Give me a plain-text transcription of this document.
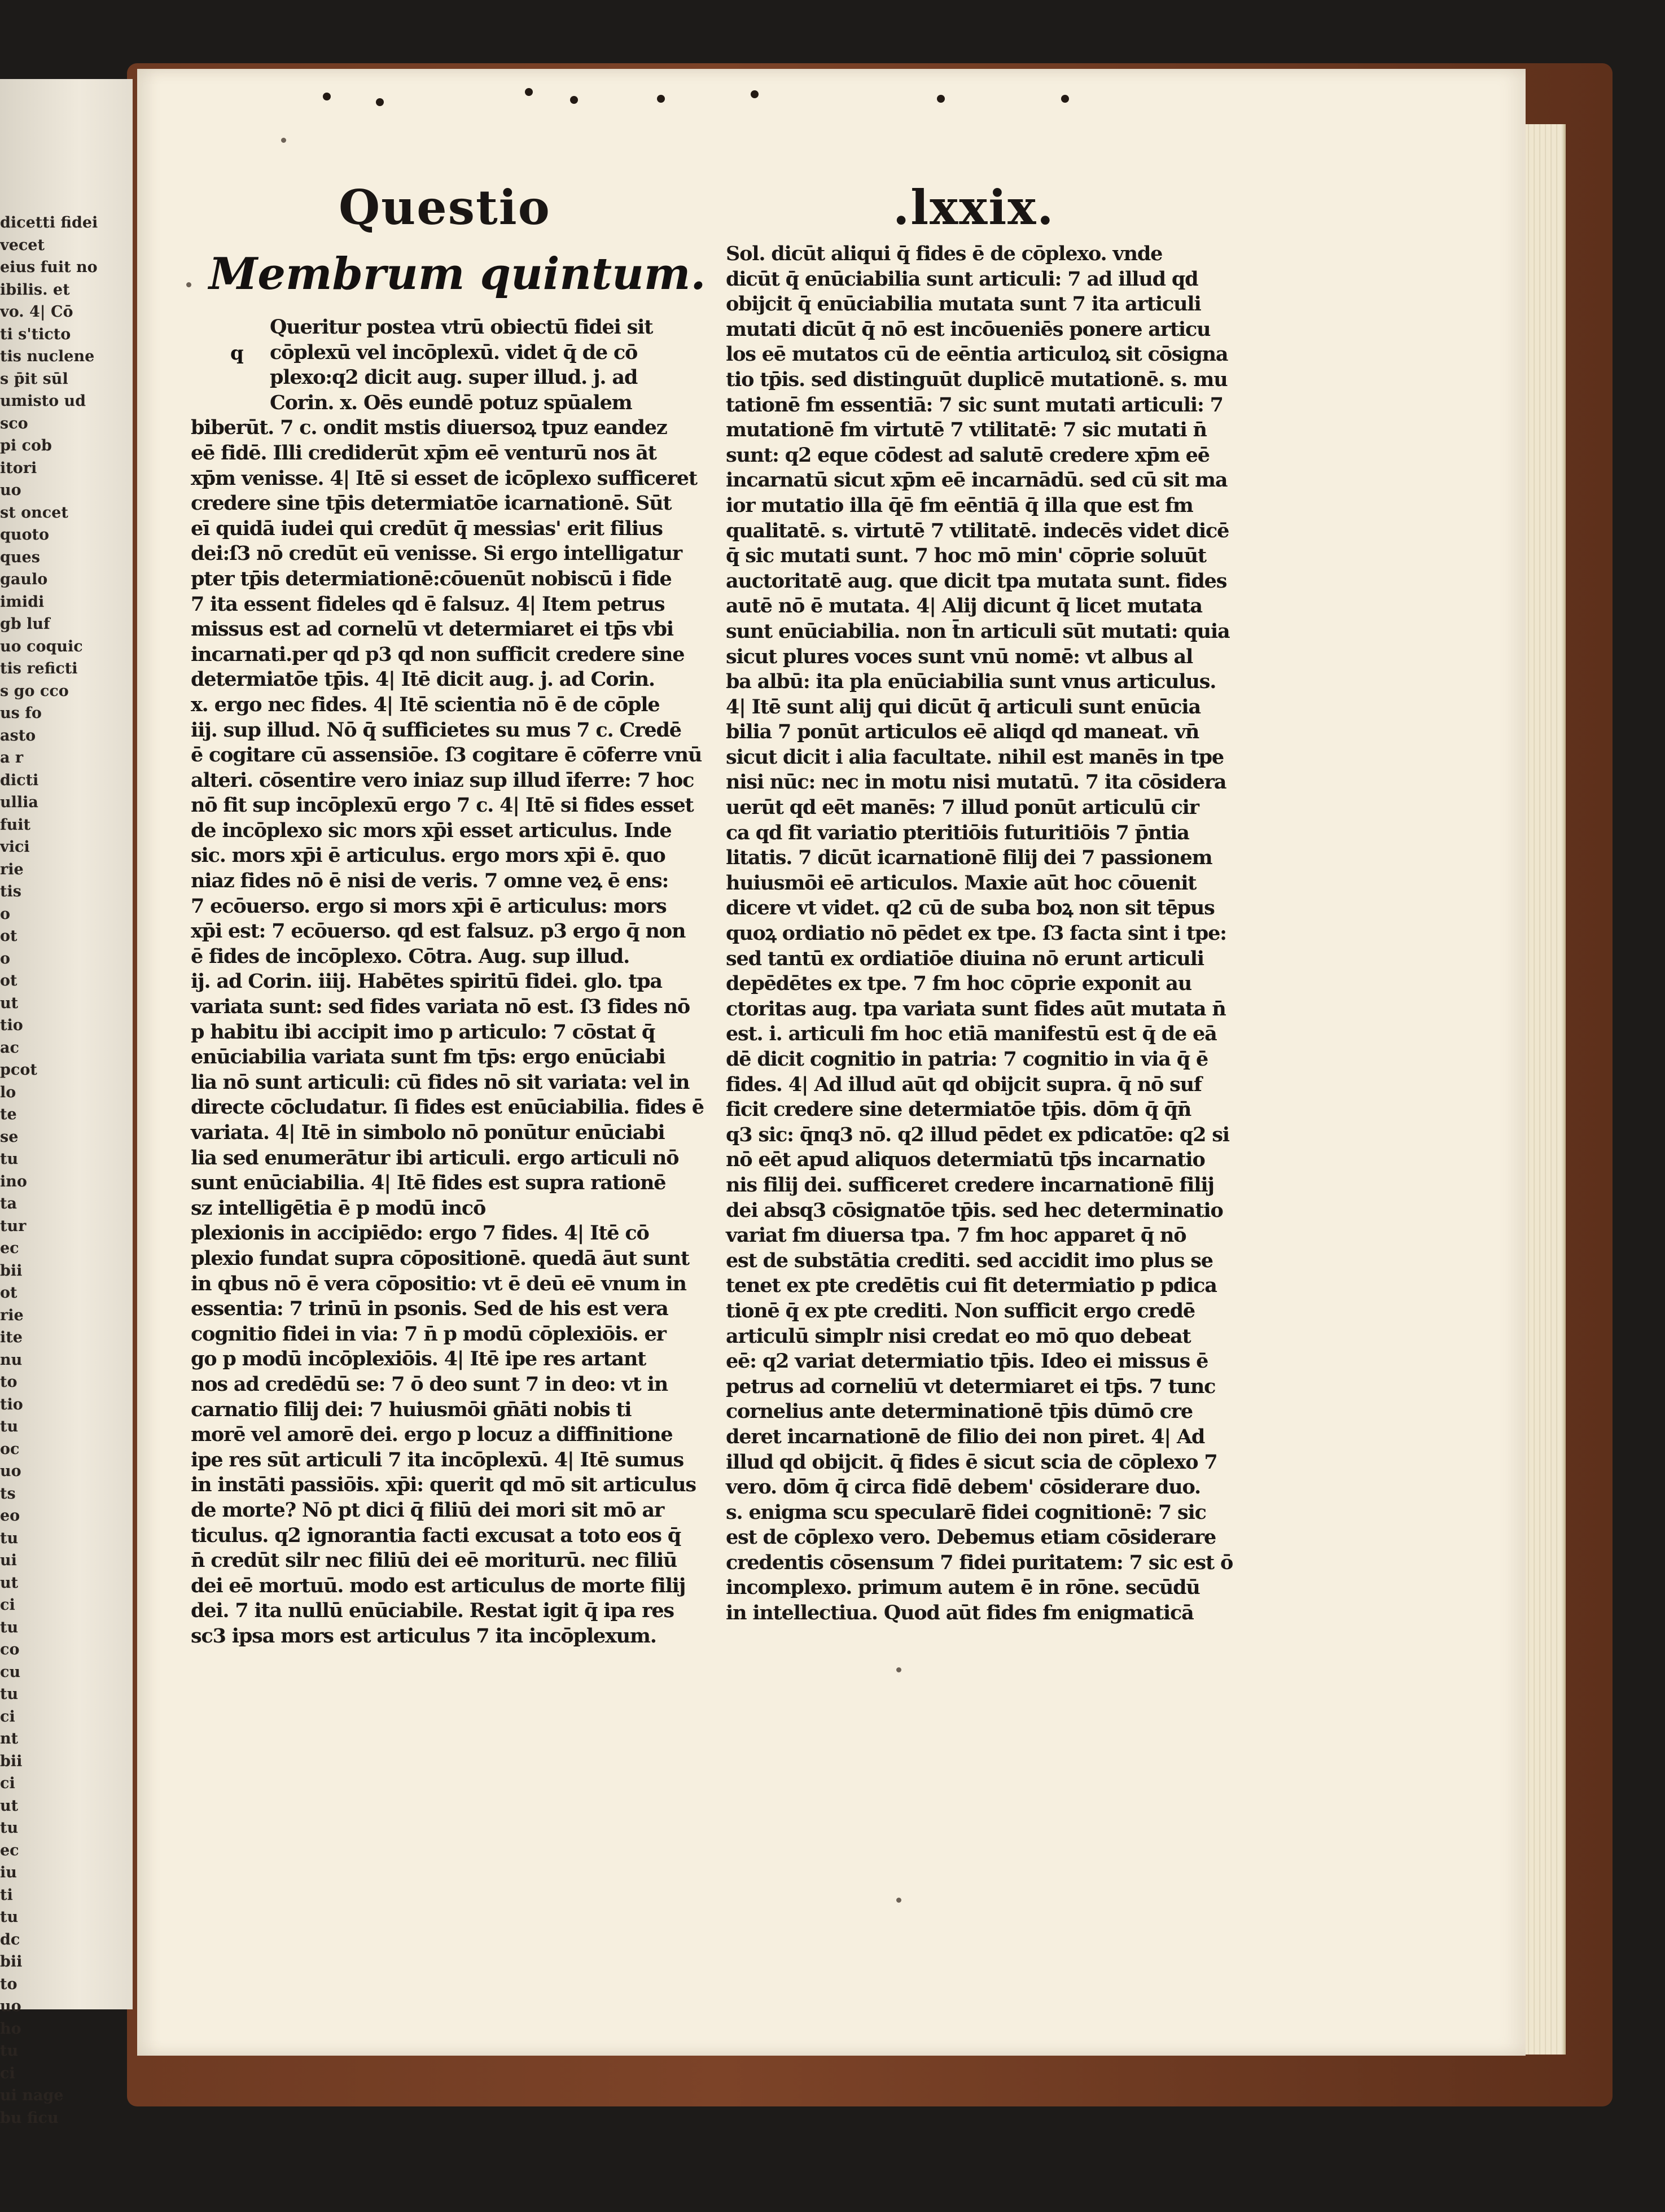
dicetti fidei
vecet
eius fuit no
ibilis. et
vo. 4| Cō
ti s'ticto
tis nuclene
s p̄it sūl
umisto ud
sco
pi cob
itori
uo
st oncet
quoto
ques
gaulo
imidi
gb luf
uo coquic
tis reficti
s go cco
us fo
asto
a r
dicti
ullia
fuit
vici
rie
tis
o
ot
o
ot
ut
tio
ac
pcot
lo
te
se
tu
ino
ta
tur
ec
bii
ot
rie
ite
nu
to
tio
tu
oc
uo
ts
eo
tu
ui
ut
ci
tu
co
cu
tu
ci
nt
bii
ci
ut
tu
ec
iu
ti
tu
dc
bii
to
uo
ho
tu
ci
ui nage
bu ficu
Questio	.lxxix.
Membrum quintum.
q
Queritur postea vtrū obiectū fidei sit
cōplexū vel incōplexū. videt q̄ de cō
plexo:q2 dicit aug. super illud. j. ad
Corin. x. Oēs eundē potuz spūalem
biberūt. 7 c. ondit mstis diuersoꝝ tpuz eandez
eē fidē. Illi crediderūt xp̄m eē venturū nos āt
xp̄m venisse. 4| Itē si esset de icōplexo sufficeret
credere sine tp̄is determiatōe icarnationē. Sūt
eī quidā iudei qui credūt q̄ messias' erit filius
dei:ſ3 nō credūt eū venisse. Si ergo intelligatur
pter tp̄is determiationē:cōuenūt nobiscū i fide
7 ita essent fideles qd ē falsuz. 4| Item petrus
missus est ad cornelū vt determiaret ei tp̄s vbi
incarnati.per qd p3 qd non sufficit credere sine
determiatōe tp̄is. 4| Itē dicit aug. j. ad Corin.
x. ergo nec fides. 4| Itē scientia nō ē de cōple
iij. sup illud. Nō q̄ sufficietes su mus 7 c. Credē
ē cogitare cū assensiōe. ſ3 cogitare ē cōferre vnū
alteri. cōsentire vero iniaz sup illud īferre: 7 hoc
nō fit sup incōplexū ergo 7 c. 4| Itē si fides esset
de incōplexo sic mors xp̄i esset articulus. Inde
sic. mors xp̄i ē articulus. ergo mors xp̄i ē. quo
niaz fides nō ē nisi de veris. 7 omne veꝝ ē ens:
7 ecōuerso. ergo si mors xp̄i ē articulus: mors
xp̄i est: 7 ecōuerso. qd est falsuz. p3 ergo q̄ non
ē fides de incōplexo. Cōtra. Aug. sup illud.
ij. ad Corin. iiij. Habētes spiritū fidei. glo. tpa
variata sunt: sed fides variata nō est. ſ3 fides nō
p habitu ibi accipit imo p articulo: 7 cōstat q̄
enūciabilia variata sunt fm tp̄s: ergo enūciabi
lia nō sunt articuli: cū fides nō sit variata: vel in
directe cōcludatur. ſi fides est enūciabilia. fides ē
variata. 4| Itē in simbolo nō ponūtur enūciabi
lia sed enumerātur ibi articuli. ergo articuli nō
sunt enūciabilia. 4| Itē fides est supra rationē
sz intelligētia ē p modū incō
plexionis in accipiēdo: ergo 7 fides. 4| Itē cō
plexio fundat supra cōpositionē. quedā āut sunt
in qbus nō ē vera cōpositio: vt ē deū eē vnum in
essentia: 7 trinū in psonis. Sed de his est vera
cognitio fidei in via: 7 n̄ p modū cōplexiōis. er
go p modū incōplexiōis. 4| Itē ipe res artant
nos ad credēdū se: 7 ō deo sunt 7 in deo: vt in
carnatio filij dei: 7 huiusmōi gn̄āti nobis ti
morē vel amorē dei. ergo p locuz a diffinitione
ipe res sūt articuli 7 ita incōplexū. 4| Itē sumus
in instāti passiōis. xp̄i: querit qd mō sit articulus
de morte? Nō pt dici q̄ filiū dei mori sit mō ar
ticulus. q2 ignorantia facti excusat a toto eos q̄
n̄ credūt silr nec filiū dei eē moriturū. nec filiū
dei eē mortuū. modo est articulus de morte filij
dei. 7 ita nullū enūciabile. Restat igit q̄ ipa res
sc3 ipsa mors est articulus 7 ita incōplexum.
Sol. dicūt aliqui q̄ fides ē de cōplexo. vnde
dicūt q̄ enūciabilia sunt articuli: 7 ad illud qd
obijcit q̄ enūciabilia mutata sunt 7 ita articuli
mutati dicūt q̄ nō est incōueniēs ponere articu
los eē mutatos cū de eēntia articuloꝝ sit cōsigna
tio tp̄is. sed distinguūt duplicē mutationē. s. mu
tationē fm essentiā: 7 sic sunt mutati articuli: 7
mutationē fm virtutē 7 vtilitatē: 7 sic mutati n̄
sunt: q2 eque cōdest ad salutē credere xp̄m eē
incarnatū sicut xp̄m eē incarnādū. sed cū sit ma
ior mutatio illa q̄ē fm eēntiā q̄ illa que est fm
qualitatē. s. virtutē 7 vtilitatē. indecēs videt dicē
q̄ sic mutati sunt. 7 hoc mō min' cōprie soluūt
auctoritatē aug. que dicit tpa mutata sunt. fides
autē nō ē mutata. 4| Alij dicunt q̄ licet mutata
sunt enūciabilia. non t̄n articuli sūt mutati: quia
sicut plures voces sunt vnū nomē: vt albus al
ba albū: ita pla enūciabilia sunt vnus articulus.
4| Itē sunt alij qui dicūt q̄ articuli sunt enūcia
bilia 7 ponūt articulos eē aliqd qd maneat. vn̄
sicut dicit i alia facultate. nihil est manēs in tpe
nisi nūc: nec in motu nisi mutatū. 7 ita cōsidera
uerūt qd eēt manēs: 7 illud ponūt articulū cir
ca qd fit variatio pteritiōis futuritiōis 7 p̄ntia
litatis. 7 dicūt icarnationē filij dei 7 passionem
huiusmōi eē articulos. Maxie aūt hoc cōuenit
dicere vt videt. q2 cū de suba boꝝ non sit tēpus
quoꝝ ordiatio nō pēdet ex tpe. ſ3 facta sint i tpe:
sed tantū ex ordiatiōe diuina nō erunt articuli
depēdētes ex tpe. 7 fm hoc cōprie exponit au
ctoritas aug. tpa variata sunt fides aūt mutata n̄
est. i. articuli fm hoc etiā manifestū est q̄ de eā
dē dicit cognitio in patria: 7 cognitio in via q̄ ē
fides. 4| Ad illud aūt qd obijcit supra. q̄ nō suf
ficit credere sine determiatōe tp̄is. dōm q̄ q̄n̄
q3 sic: q̄nq3 nō. q2 illud pēdet ex pdicatōe: q2 si
nō eēt apud aliquos determiatū tp̄s incarnatio
nis filij dei. sufficeret credere incarnationē filij
dei absq3 cōsignatōe tp̄is. sed hec determinatio
variat fm diuersa tpa. 7 fm hoc apparet q̄ nō
est de substātia crediti. sed accidit imo plus se
tenet ex pte credētis cui fit determiatio p pdica
tionē q̄ ex pte crediti. Non sufficit ergo credē
articulū simplr nisi credat eo mō quo debeat
eē: q2 variat determiatio tp̄is. Ideo ei missus ē
petrus ad corneliū vt determiaret ei tp̄s. 7 tunc
cornelius ante determinationē tp̄is dūmō cre
deret incarnationē de filio dei non piret. 4| Ad
illud qd obijcit. q̄ fides ē sicut scia de cōplexo 7
vero. dōm q̄ circa fidē debem' cōsiderare duo.
s. enigma scu specularē fidei cognitionē: 7 sic
est de cōplexo vero. Debemus etiam cōsiderare
credentis cōsensum 7 fidei puritatem: 7 sic est ō
incomplexo. primum autem ē in rōne. secūdū
in intellectiua. Quod aūt fides fm enigmaticā
